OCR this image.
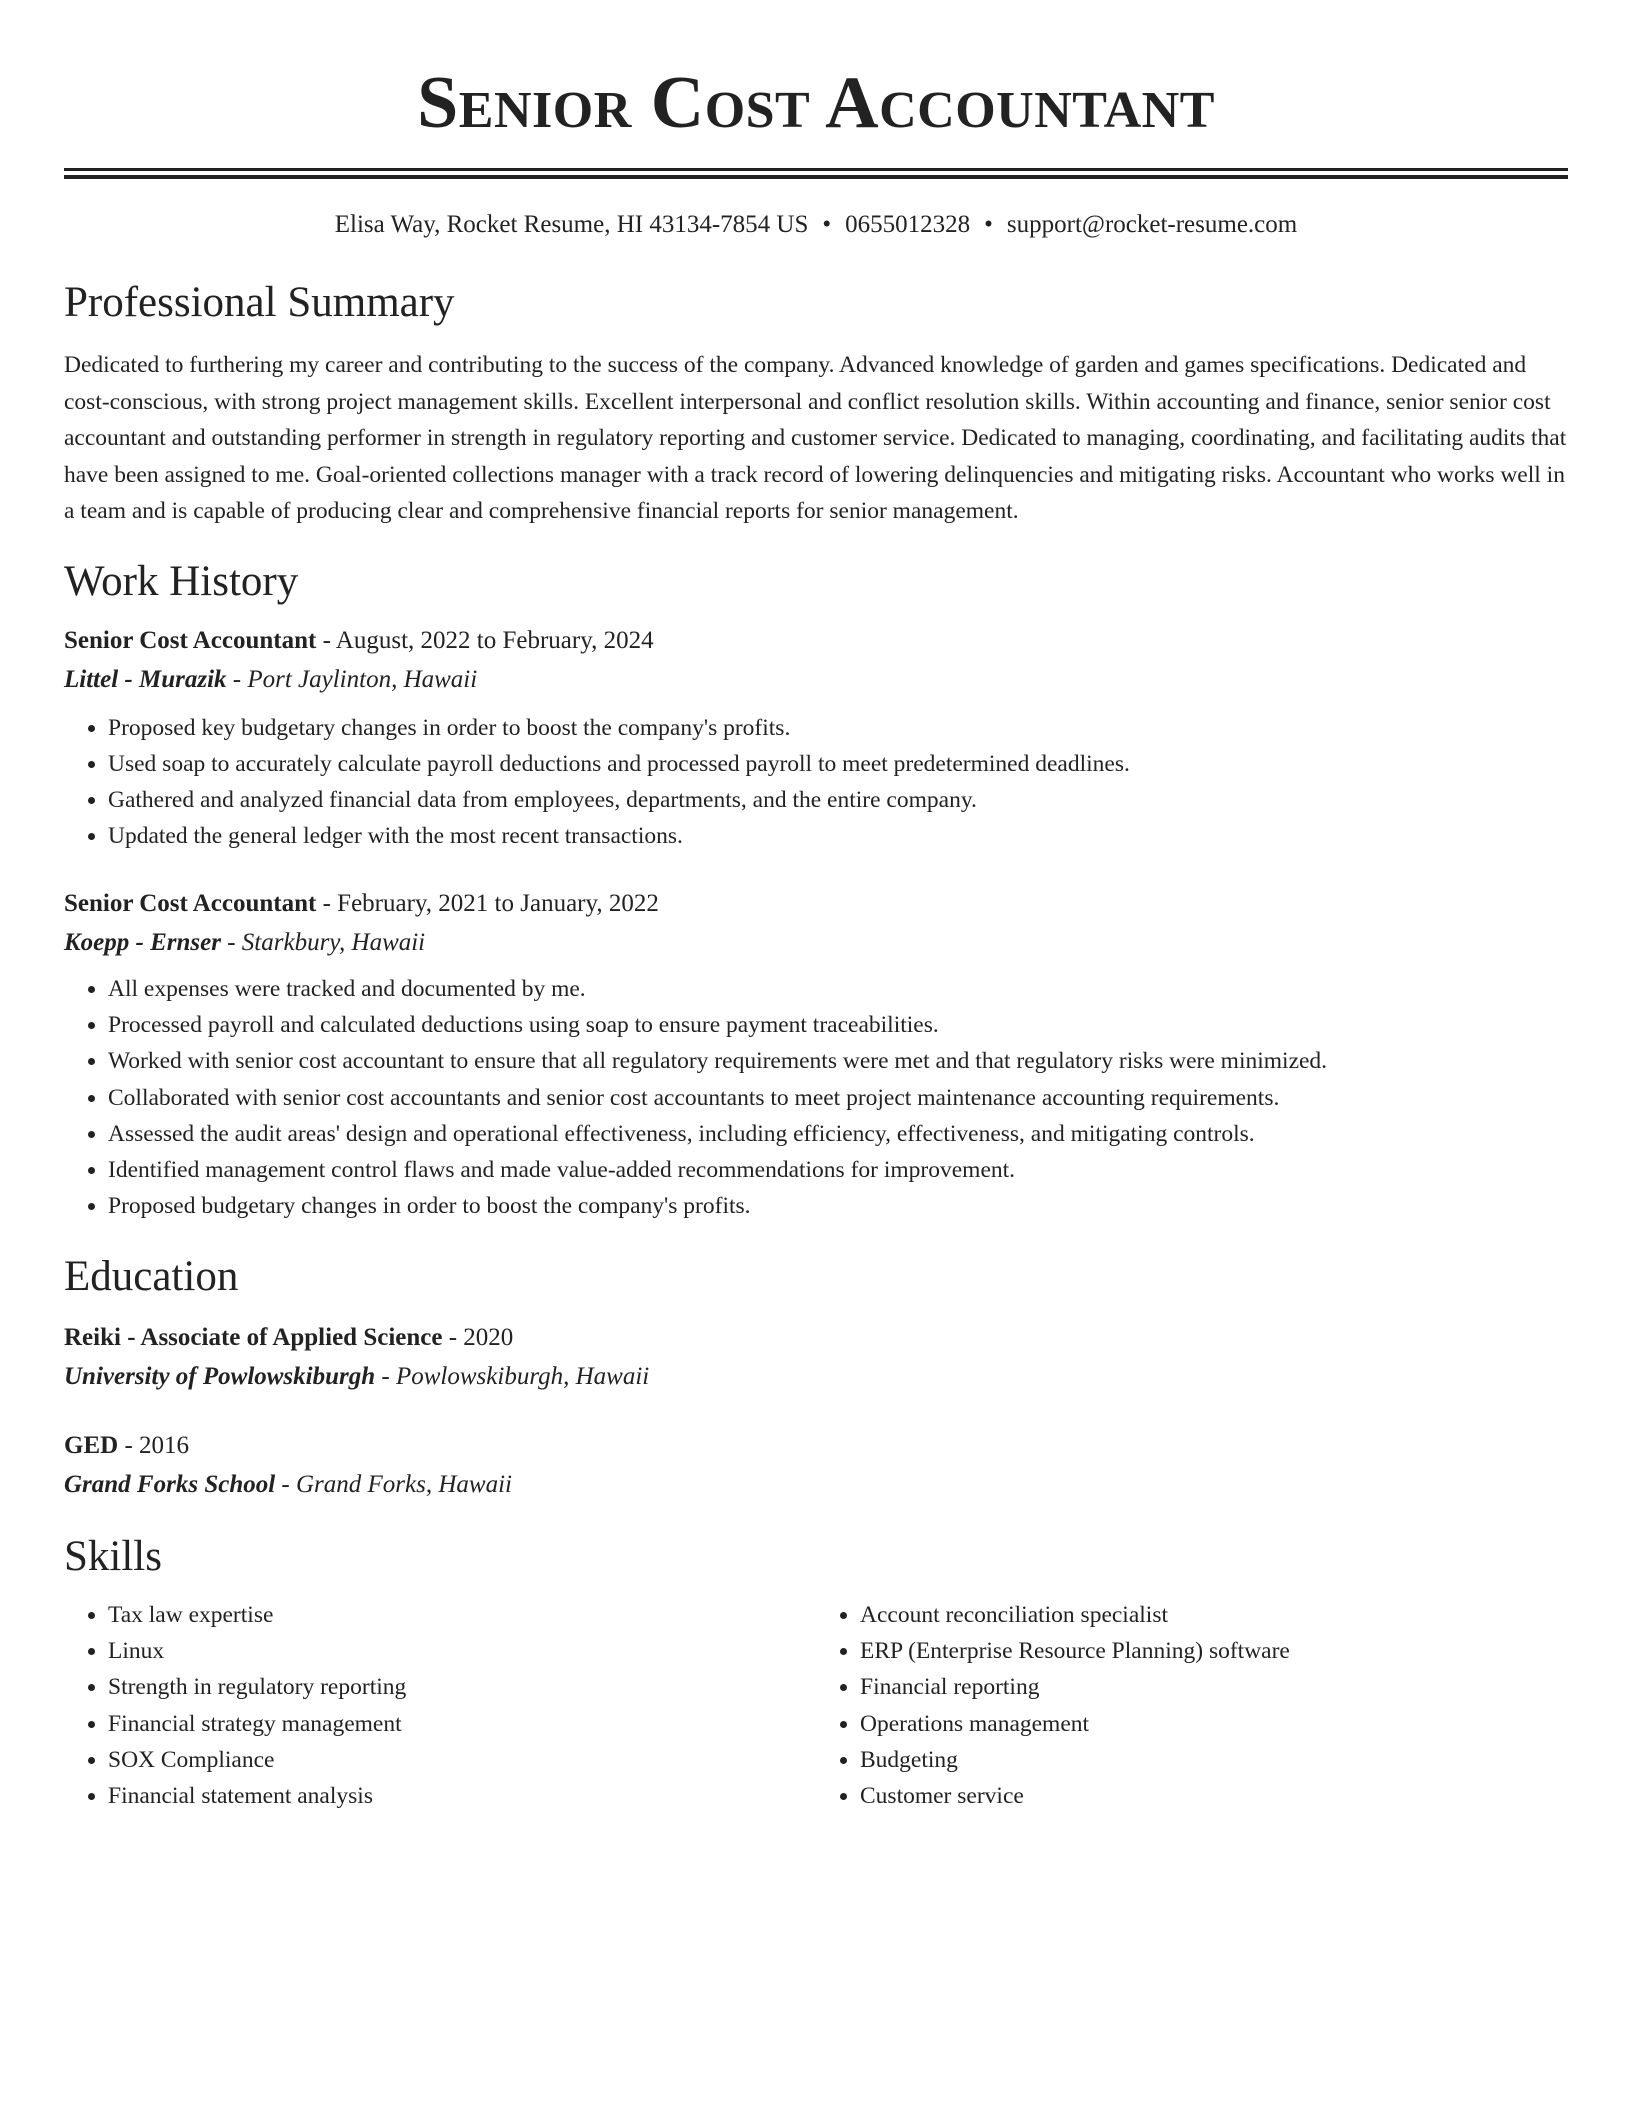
Senior Cost Accountant
Elisa Way, Rocket Resume, HI 43134-7854 US • 0655012328 • support@rocket-resume.com
Professional Summary
Dedicated to furthering my career and contributing to the success of the company. Advanced knowledge of garden and games specifications. Dedicated and cost-conscious, with strong project management skills. Excellent interpersonal and conflict resolution skills. Within accounting and finance, senior senior cost accountant and outstanding performer in strength in regulatory reporting and customer service. Dedicated to managing, coordinating, and facilitating audits that have been assigned to me. Goal-oriented collections manager with a track record of lowering delinquencies and mitigating risks. Accountant who works well in a team and is capable of producing clear and comprehensive financial reports for senior management.
Work History
Senior Cost Accountant - August, 2022 to February, 2024
Littel - Murazik - Port Jaylinton, Hawaii
• Proposed key budgetary changes in order to boost the company's profits.
• Used soap to accurately calculate payroll deductions and processed payroll to meet predetermined deadlines.
• Gathered and analyzed financial data from employees, departments, and the entire company.
• Updated the general ledger with the most recent transactions.
Senior Cost Accountant - February, 2021 to January, 2022
Koepp - Ernser - Starkbury, Hawaii
• All expenses were tracked and documented by me.
• Processed payroll and calculated deductions using soap to ensure payment traceabilities.
• Worked with senior cost accountant to ensure that all regulatory requirements were met and that regulatory risks were minimized.
• Collaborated with senior cost accountants and senior cost accountants to meet project maintenance accounting requirements.
• Assessed the audit areas' design and operational effectiveness, including efficiency, effectiveness, and mitigating controls.
• Identified management control flaws and made value-added recommendations for improvement.
• Proposed budgetary changes in order to boost the company's profits.
Education
Reiki - Associate of Applied Science - 2020
University of Powlowskiburgh - Powlowskiburgh, Hawaii
GED - 2016
Grand Forks School - Grand Forks, Hawaii
Skills
• Tax law expertise
• Linux
• Strength in regulatory reporting
• Financial strategy management
• SOX Compliance
• Financial statement analysis
• Account reconciliation specialist
• ERP (Enterprise Resource Planning) software
• Financial reporting
• Operations management
• Budgeting
• Customer service
